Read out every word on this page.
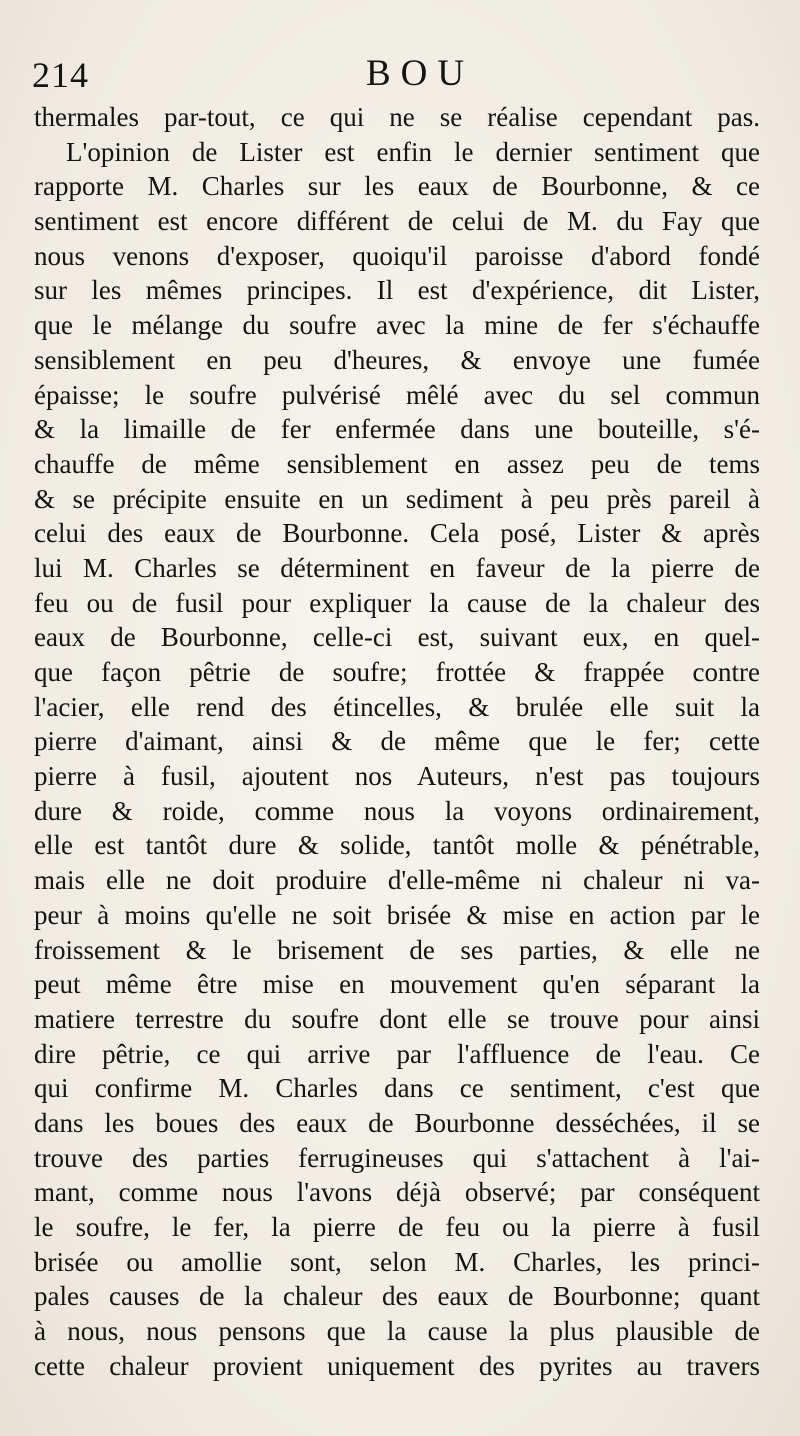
214	BOU
thermales par-tout, ce qui ne se réalise cependant pas.
L'opinion de Lister est enfin le dernier sentiment que
rapporte M. Charles sur les eaux de Bourbonne, & ce
sentiment est encore différent de celui de M. du Fay que
nous venons d'exposer, quoiqu'il paroisse d'abord fondé
sur les mêmes principes. Il est d'expérience, dit Lister,
que le mélange du soufre avec la mine de fer s'échauffe
sensiblement en peu d'heures, & envoye une fumée
épaisse; le soufre pulvérisé mêlé avec du sel commun
& la limaille de fer enfermée dans une bouteille, s'é-
chauffe de même sensiblement en assez peu de tems
& se précipite ensuite en un sediment à peu près pareil à
celui des eaux de Bourbonne. Cela posé, Lister & après
lui M. Charles se déterminent en faveur de la pierre de
feu ou de fusil pour expliquer la cause de la chaleur des
eaux de Bourbonne, celle-ci est, suivant eux, en quel-
que façon pêtrie de soufre; frottée & frappée contre
l'acier, elle rend des étincelles, & brulée elle suit la
pierre d'aimant, ainsi & de même que le fer; cette
pierre à fusil, ajoutent nos Auteurs, n'est pas toujours
dure & roide, comme nous la voyons ordinairement,
elle est tantôt dure & solide, tantôt molle & pénétrable,
mais elle ne doit produire d'elle-même ni chaleur ni va-
peur à moins qu'elle ne soit brisée & mise en action par le
froissement & le brisement de ses parties, & elle ne
peut même être mise en mouvement qu'en séparant la
matiere terrestre du soufre dont elle se trouve pour ainsi
dire pêtrie, ce qui arrive par l'affluence de l'eau. Ce
qui confirme M. Charles dans ce sentiment, c'est que
dans les boues des eaux de Bourbonne desséchées, il se
trouve des parties ferrugineuses qui s'attachent à l'ai-
mant, comme nous l'avons déjà observé; par conséquent
le soufre, le fer, la pierre de feu ou la pierre à fusil
brisée ou amollie sont, selon M. Charles, les princi-
pales causes de la chaleur des eaux de Bourbonne; quant
à nous, nous pensons que la cause la plus plausible de
cette chaleur provient uniquement des pyrites au travers
